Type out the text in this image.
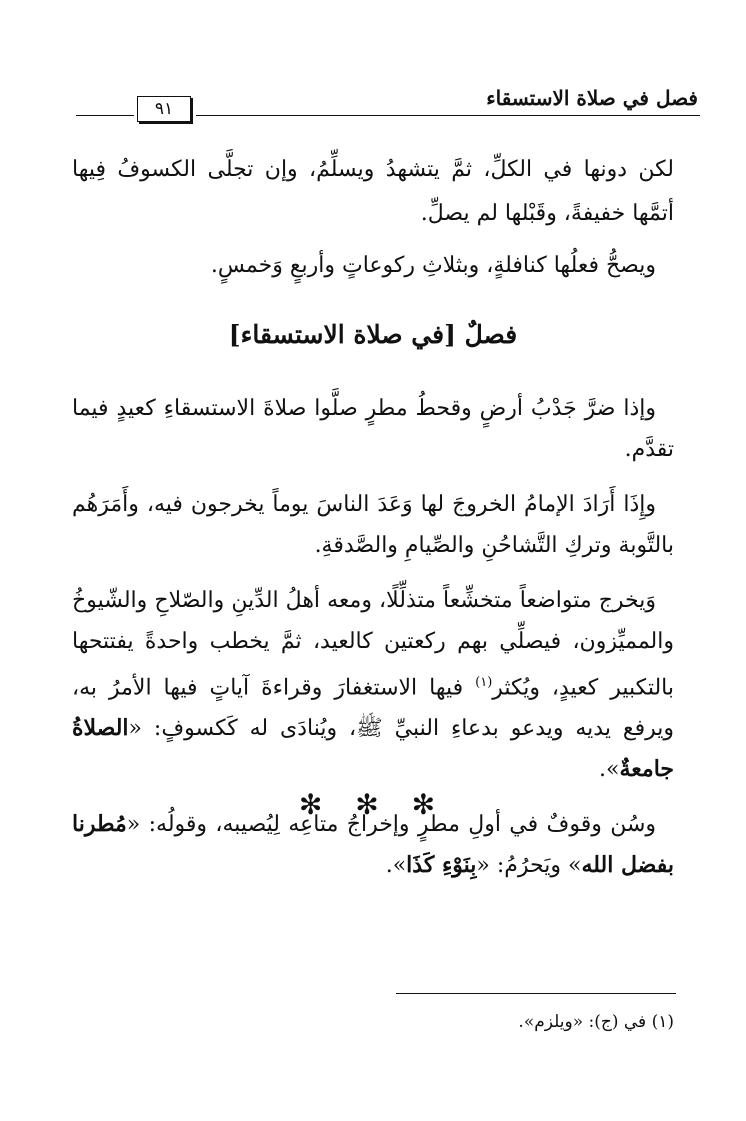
فصل في صلاة الاستسقاء
٩١

لكن دونها في الكلِّ، ثمَّ يتشهدُ ويسلِّمُ، وإن تجلَّى الكسوفُ فِيها أتمَّها خفيفةً، وقَبْلها لم يصلِّ.

ويصحُّ فعلُها كنافلةٍ، وبثلاثِ ركوعاتٍ وأربعٍ وَخمسٍ.

فصلٌ [في صلاة الاستسقاء]

وإذا ضرَّ جَدْبُ أرضٍ وقحطُ مطرٍ صلَّوا صلاةَ الاستسقاءِ كعيدٍ فيما تقدَّم.

وإِذَا أَرَادَ الإمامُ الخروجَ لها وَعَدَ الناسَ يوماً يخرجون فيه، وأَمَرَهُم بالتَّوبة وتركِ التَّشاحُنِ والصِّيامِ والصَّدقةِ.

وَيخرج متواضعاً متخشِّعاً متذلِّلًا، ومعه أهلُ الدِّينِ والصّلاحِ والشّيوخُ والمميِّزون، فيصلِّي بهم ركعتين كالعيد، ثمَّ يخطب واحدةً يفتتحها بالتكبير كعيدٍ، ويُكثر$^{(١)}$ فيها الاستغفارَ وقراءةَ آياتٍ فيها الأمرُ به، ويرفع يديه ويدعو بدعاءِ النبيِّ ﷺ، ويُنادَى له كَكسوفٍ: «الصلاةُ جامعةٌ».

وسُن وقوفٌ في أولِ مطرٍ وإخراجُ متاعِه لِيُصيبه، وقولُه: «مُطرنا بفضل الله» ويَحرُمُ: «بِنَوْءِ كَذَا».

✻ ✻ ✻
(١) في (ج): «ويلزم».
